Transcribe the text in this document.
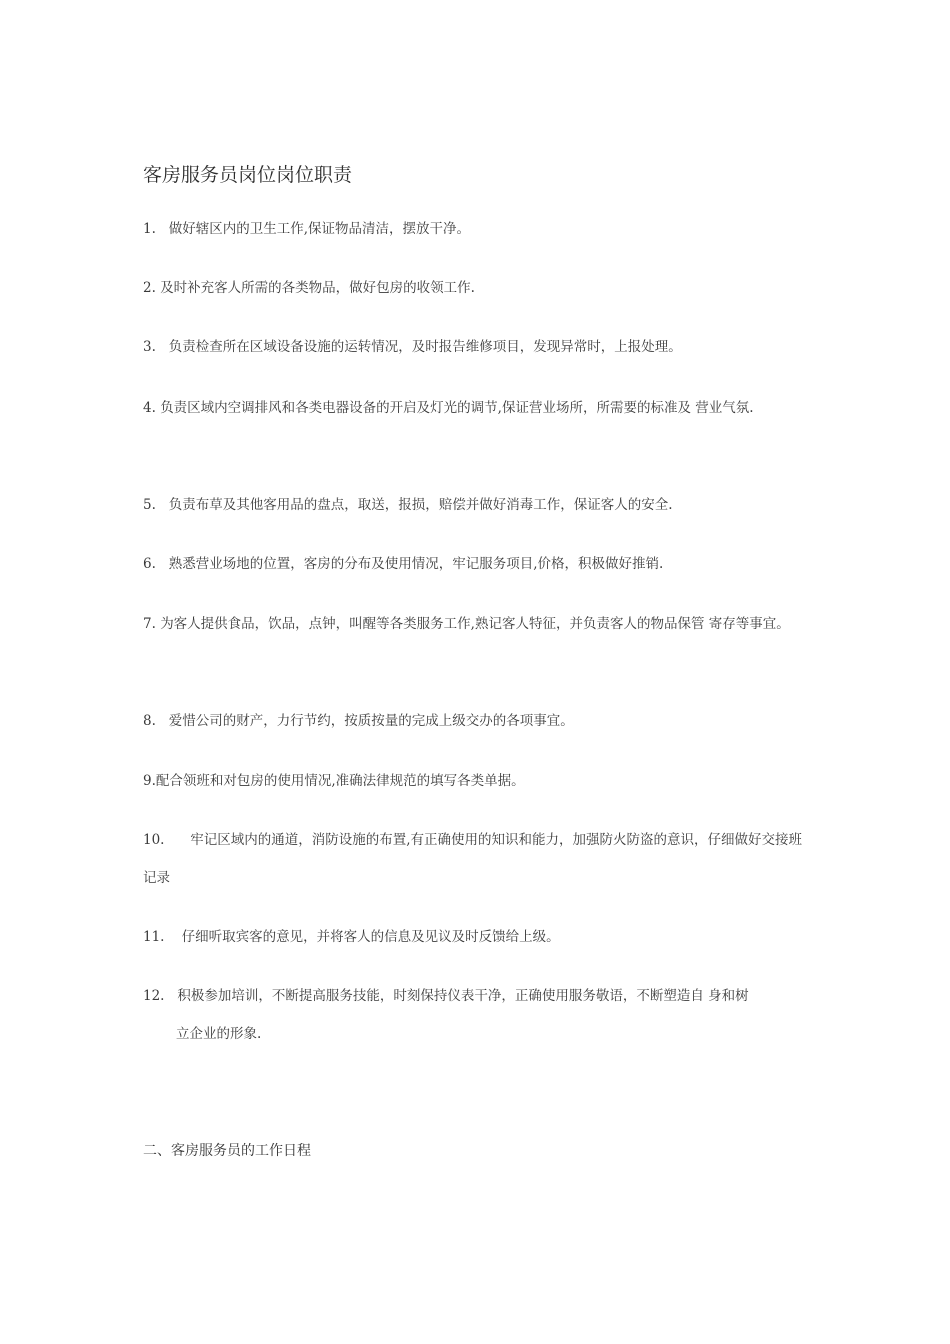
客房服务员岗位岗位职责
1. 做好辖区内的卫生工作,保证物品清洁，摆放干净。
2. 及时补充客人所需的各类物品，做好包房的收领工作.
3. 负责检查所在区域设备设施的运转情况，及时报告维修项目，发现异常时，上报处理。
4. 负责区域内空调排风和各类电器设备的开启及灯光的调节,保证营业场所，所需要的标准及 营业气氛.
5. 负责布草及其他客用品的盘点，取送，报损，赔偿并做好消毒工作，保证客人的安全.
6. 熟悉营业场地的位置，客房的分布及使用情况，牢记服务项目,价格，积极做好推销.
7. 为客人提供食品，饮品，点钟，叫醒等各类服务工作,熟记客人特征，并负责客人的物品保管 寄存等事宜。
8. 爱惜公司的财产，力行节约，按质按量的完成上级交办的各项事宜。
9.配合领班和对包房的使用情况,准确法律规范的填写各类单据。
10. 牢记区域内的通道，消防设施的布置,有正确使用的知识和能力，加强防火防盗的意识，仔细做好交接班记录
11. 仔细听取宾客的意见，并将客人的信息及见议及时反馈给上级。
12. 积极参加培训，不断提高服务技能，时刻保持仪表干净，正确使用服务敬语，不断塑造自 身和树
立企业的形象.
二、客房服务员的工作日程
